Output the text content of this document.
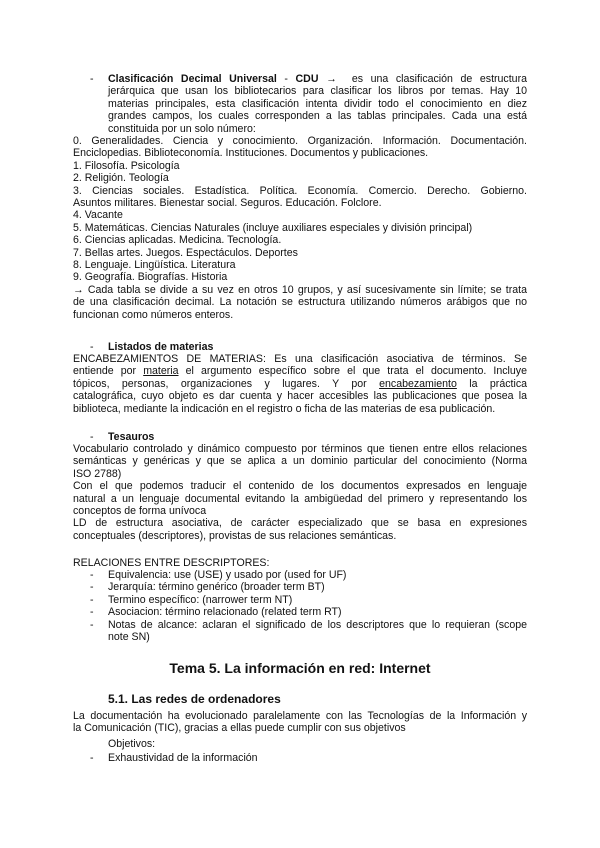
- Clasificación Decimal Universal - CDU → es una clasificación de estructura
jerárquica que usan los bibliotecarios para clasificar los libros por temas. Hay 10
materias principales, esta clasificación intenta dividir todo el conocimiento en diez
grandes campos, los cuales corresponden a las tablas principales. Cada una está
constituida por un solo número:
0. Generalidades. Ciencia y conocimiento. Organización. Información. Documentación.
Enciclopedias. Biblioteconomía. Instituciones. Documentos y publicaciones.
1. Filosofía. Psicología
2. Religión. Teología
3. Ciencias sociales. Estadística. Política. Economía. Comercio. Derecho. Gobierno.
Asuntos militares. Bienestar social. Seguros. Educación. Folclore.
4. Vacante
5. Matemáticas. Ciencias Naturales (incluye auxiliares especiales y división principal)
6. Ciencias aplicadas. Medicina. Tecnología.
7. Bellas artes. Juegos. Espectáculos. Deportes
8. Lenguaje. Lingüística. Literatura
9. Geografía. Biografías. Historia
→ Cada tabla se divide a su vez en otros 10 grupos, y así sucesivamente sin límite; se trata
de una clasificación decimal. La notación se estructura utilizando números arábigos que no
funcionan como números enteros.
- Listados de materias
ENCABEZAMIENTOS DE MATERIAS: Es una clasificación asociativa de términos. Se
entiende por materia el argumento específico sobre el que trata el documento. Incluye
tópicos, personas, organizaciones y lugares. Y por encabezamiento la práctica
catalográfica, cuyo objeto es dar cuenta y hacer accesibles las publicaciones que posea la
biblioteca, mediante la indicación en el registro o ficha de las materias de esa publicación.
- Tesauros
Vocabulario controlado y dinámico compuesto por términos que tienen entre ellos relaciones
semánticas y genéricas y que se aplica a un dominio particular del conocimiento (Norma
ISO 2788)
Con el que podemos traducir el contenido de los documentos expresados en lenguaje
natural a un lenguaje documental evitando la ambigüedad del primero y representando los
conceptos de forma unívoca
LD de estructura asociativa, de carácter especializado que se basa en expresiones
conceptuales (descriptores), provistas de sus relaciones semánticas.
RELACIONES ENTRE DESCRIPTORES:
- Equivalencia: use (USE) y usado por (used for UF)
- Jerarquía: término genérico (broader term BT)
- Termino específico: (narrower term NT)
- Asociacion: término relacionado (related term RT)
- Notas de alcance: aclaran el significado de los descriptores que lo requieran (scope
note SN)
Tema 5. La información en red: Internet
5.1. Las redes de ordenadores
La documentación ha evolucionado paralelamente con las Tecnologías de la Información y
la Comunicación (TIC), gracias a ellas puede cumplir con sus objetivos
Objetivos:
- Exhaustividad de la información
